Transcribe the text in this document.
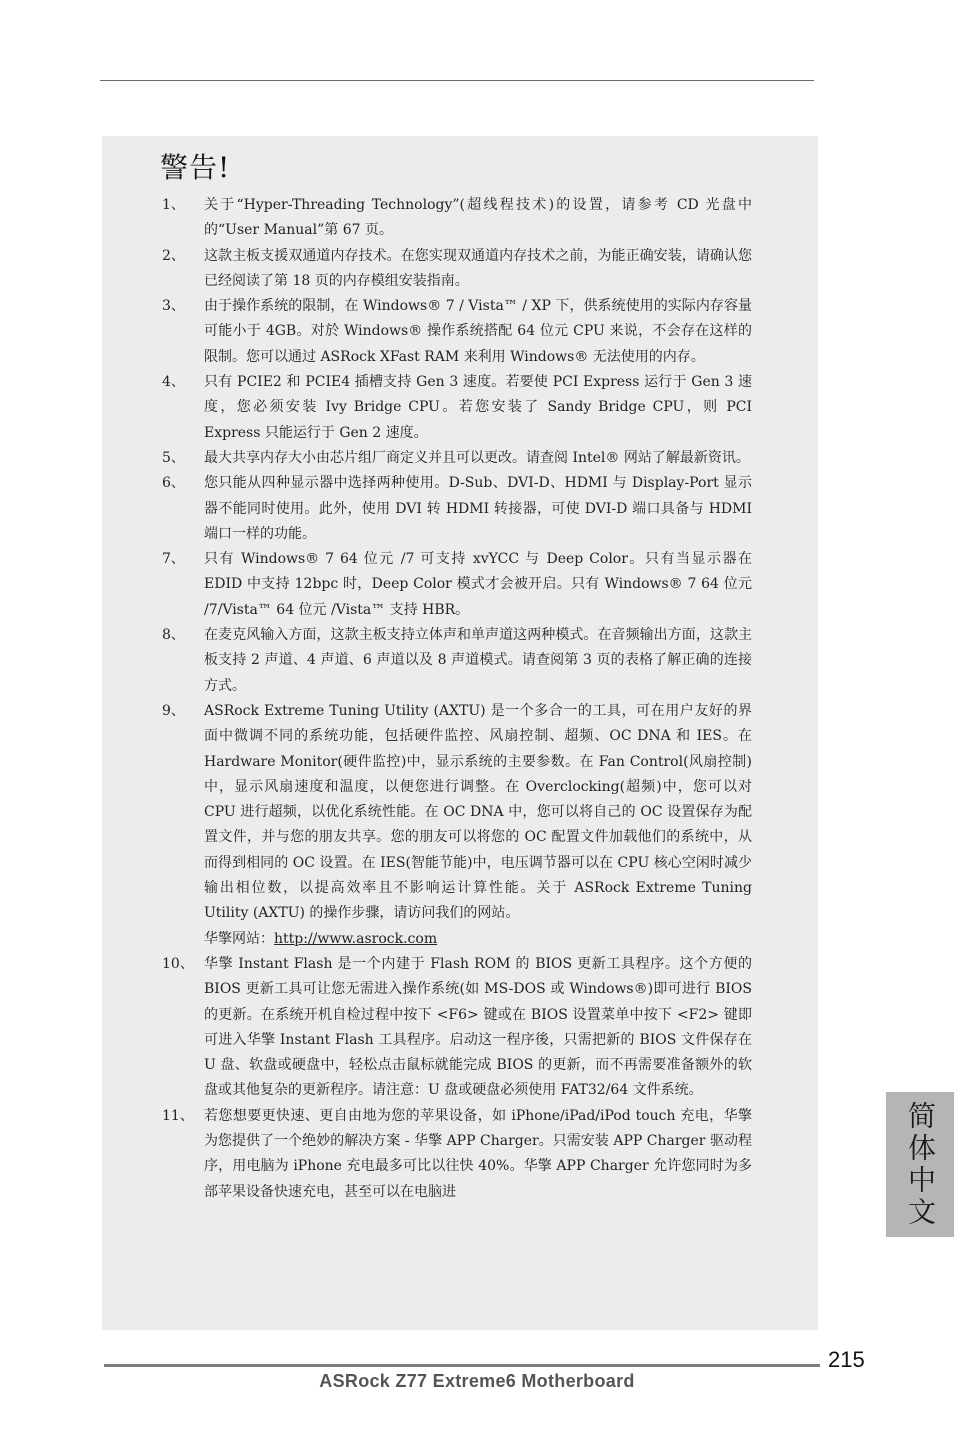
警告!
1、	关于“Hyper-Threading Technology”(超线程技术)的设置，请参考 CD 光盘中的“User Manual”第 67 页。
2、	这款主板支援双通道内存技术。在您实现双通道内存技术之前，为能正确安装，请确认您已经阅读了第 18 页的内存模组安装指南。
3、	由于操作系统的限制，在 Windows® 7 / Vista™ / XP 下，供系统使用的实际内存容量可能小于 4GB。对於 Windows® 操作系统搭配 64 位元 CPU 来说，不会存在这样的限制。您可以通过 ASRock XFast RAM 来利用 Windows® 无法使用的内存。
4、	只有 PCIE2 和 PCIE4 插槽支持 Gen 3 速度。若要使 PCI Express 运行于 Gen 3 速度，您必须安装 Ivy Bridge CPU。若您安装了 Sandy Bridge CPU，则 PCI Express 只能运行于 Gen 2 速度。
5、	最大共享内存大小由芯片组厂商定义并且可以更改。请查阅 Intel® 网站了解最新资讯。
6、	您只能从四种显示器中选择两种使用。D-Sub、DVI-D、HDMI 与 Display-Port 显示器不能同时使用。此外，使用 DVI 转 HDMI 转接器，可使 DVI-D 端口具备与 HDMI 端口一样的功能。
7、	只有 Windows® 7 64 位元 /7 可支持 xvYCC 与 Deep Color。只有当显示器在 EDID 中支持 12bpc 时，Deep Color 模式才会被开启。只有 Windows® 7 64 位元 /7/Vista™ 64 位元 /Vista™ 支持 HBR。
8、	在麦克风输入方面，这款主板支持立体声和单声道这两种模式。在音频输出方面，这款主板支持 2 声道、4 声道、6 声道以及 8 声道模式。请查阅第 3 页的表格了解正确的连接方式。
9、	ASRock Extreme Tuning Utility (AXTU) 是一个多合一的工具，可在用户友好的界面中微调不同的系统功能，包括硬件监控、风扇控制、超频、OC DNA 和 IES。在 Hardware Monitor(硬件监控)中，显示系统的主要参数。在 Fan Control(风扇控制)中，显示风扇速度和温度，以便您进行调整。在 Overclocking(超频)中，您可以对 CPU 进行超频，以优化系统性能。在 OC DNA 中，您可以将自己的 OC 设置保存为配置文件，并与您的朋友共享。您的朋友可以将您的 OC 配置文件加载他们的系统中，从而得到相同的 OC 设置。在 IES(智能节能)中，电压调节器可以在 CPU 核心空闲时减少输出相位数，以提高效率且不影响运计算性能。关于 ASRock Extreme Tuning Utility (AXTU) 的操作步骤，请访问我们的网站。
华擎网站：http://www.asrock.com
10、 华擎 Instant Flash 是一个内建于 Flash ROM 的 BIOS 更新工具程序。这个方便的 BIOS 更新工具可让您无需进入操作系统(如 MS-DOS 或 Windows®)即可进行 BIOS 的更新。在系统开机自检过程中按下 <F6> 键或在 BIOS 设置菜单中按下 <F2> 键即可进入华擎 Instant Flash 工具程序。启动这一程序後，只需把新的 BIOS 文件保存在 U 盘、软盘或硬盘中，轻松点击鼠标就能完成 BIOS 的更新，而不再需要准备额外的软盘或其他复杂的更新程序。请注意：U 盘或硬盘必须使用 FAT32/64 文件系统。
11、 若您想要更快速、更自由地为您的苹果设备，如 iPhone/iPad/iPod touch 充电，华擎为您提供了一个绝妙的解决方案 - 华擎 APP Charger。只需安装 APP Charger 驱动程序，用电脑为 iPhone 充电最多可比以往快 40%。华擎 APP Charger 允许您同时为多部苹果设备快速充电，甚至可以在电脑进	简体中文
215
ASRock Z77 Extreme6 Motherboard
